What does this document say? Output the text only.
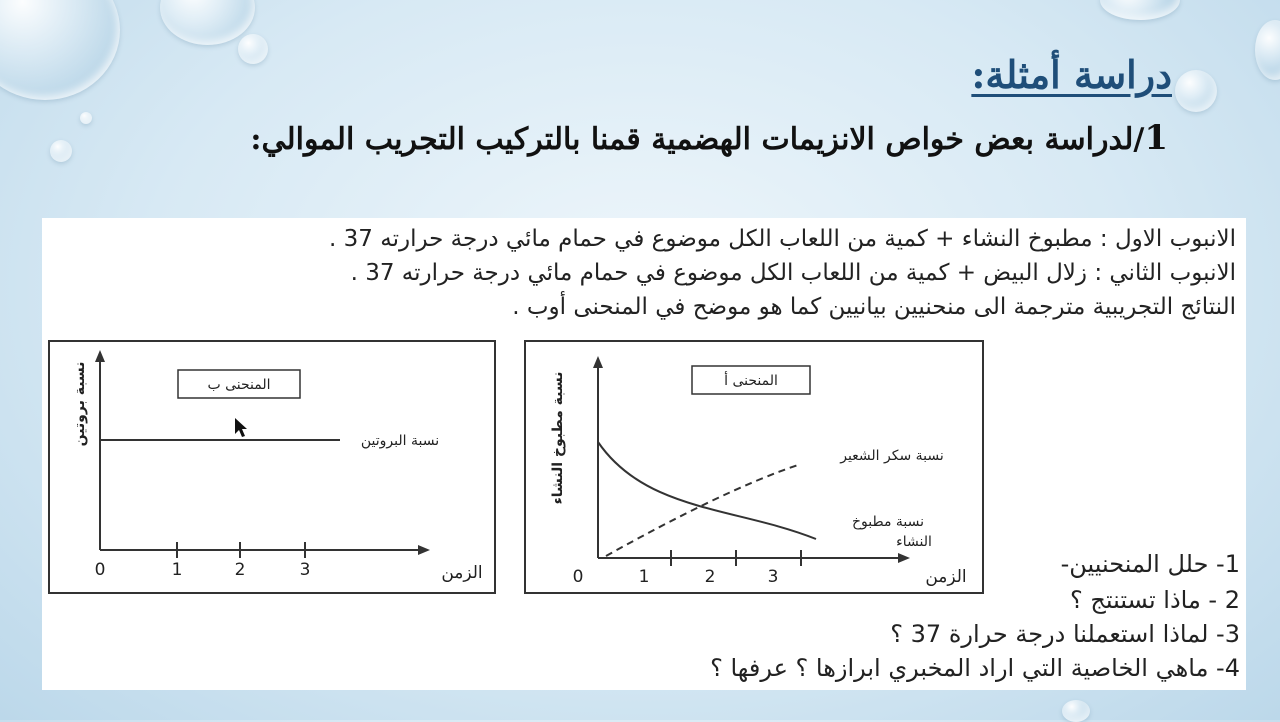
دراسة أمثلة:
1/لدراسة بعض خواص الانزيمات الهضمية قمنا بالتركيب التجريب الموالي:
الانبوب الاول : مطبوخ النشاء + كمية من اللعاب الكل موضوع في حمام مائي درجة حرارته 37 .
الانبوب الثاني : زلال البيض + كمية من اللعاب الكل موضوع في حمام مائي درجة حرارته 37 .
النتائج التجريبية مترجمة الى منحنيين بيانيين كما هو موضح في المنحنى أوب .
المنحنى ب
نسبة البروتين
نسبة بروتين
الزمن
0	1	2	3
المنحنى أ
نسبة سكر الشعير
نسبة مطبوخ
النشاء
نسبة مطبوخ النشاء
الزمن
0	1	2	3	1- حلل المنحنيين-
2 - ماذا تستنتج ؟
3- لماذا استعملنا درجة حرارة 37 ؟
4- ماهي الخاصية التي اراد المخبري ابرازها ؟ عرفها ؟
